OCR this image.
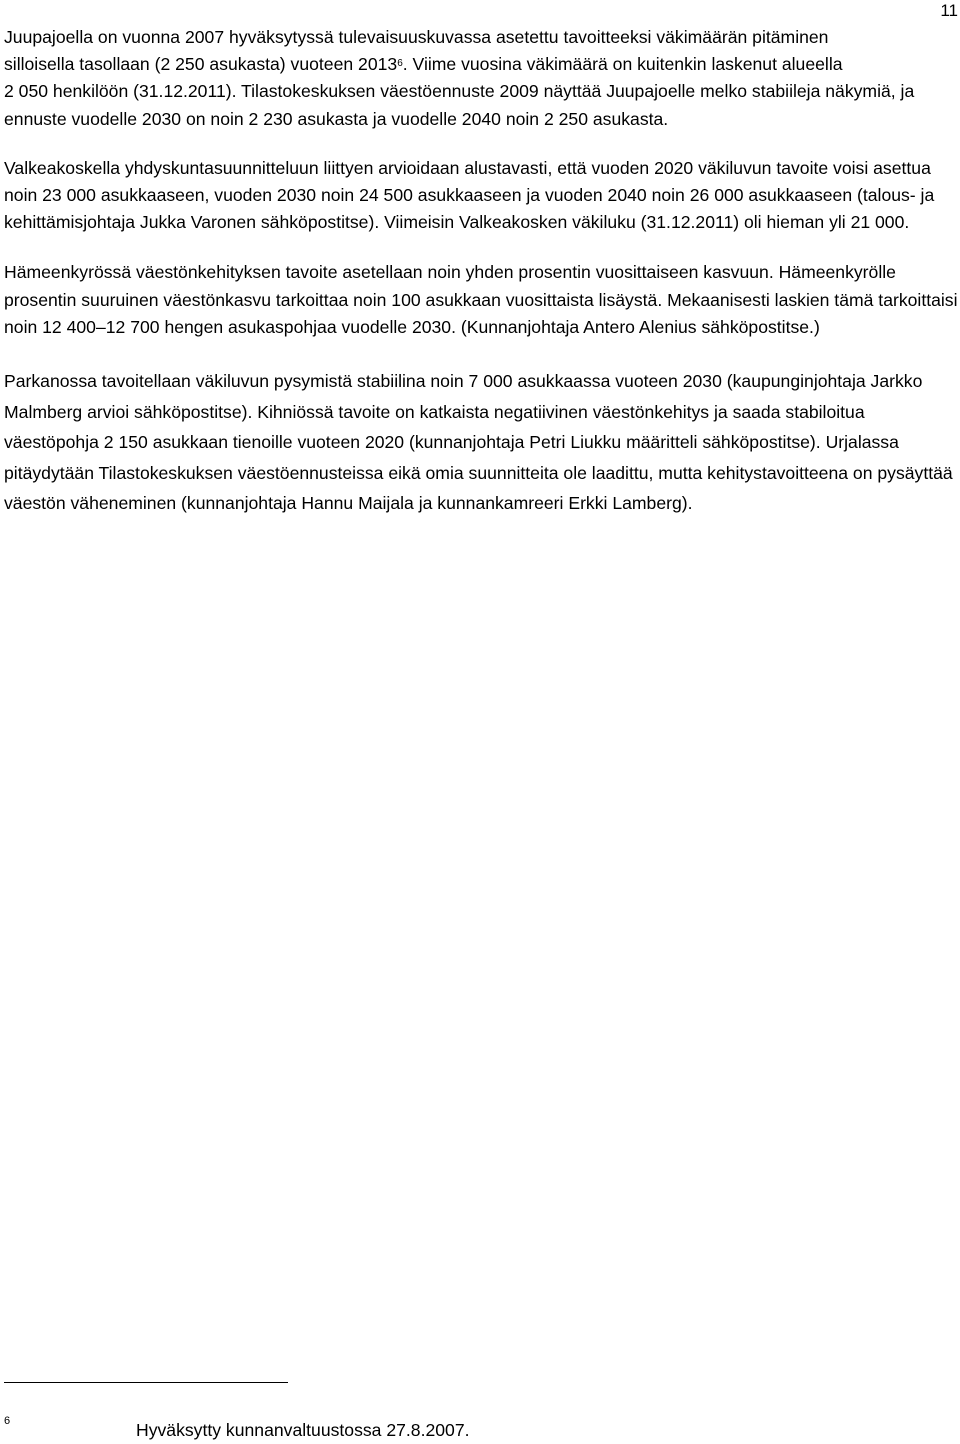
11

Juupajoella on vuonna 2007 hyväksytyssä tulevaisuuskuvassa asetettu tavoitteeksi väkimäärän pitäminen
silloisella tasollaan (2 250 asukasta) vuoteen 2013$^6$. Viime vuosina väkimäärä on kuitenkin laskenut alueella
2 050 henkilöön (31.12.2011). Tilastokeskuksen väestöennuste 2009 näyttää Juupajoelle melko stabiileja näkymiä, ja ennuste vuodelle 2030 on noin 2 230 asukasta ja vuodelle 2040 noin 2 250 asukasta.

Valkeakoskella yhdyskuntasuunnitteluun liittyen arvioidaan alustavasti, että vuoden 2020 väkiluvun tavoite voisi asettua noin 23 000 asukkaaseen, vuoden 2030 noin 24 500 asukkaaseen ja vuoden 2040 noin 26 000 asukkaaseen (talous- ja kehittämisjohtaja Jukka Varonen sähköpostitse). Viimeisin Valkeakosken väkiluku (31.12.2011) oli hieman yli 21 000.

Hämeenkyrössä väestönkehityksen tavoite asetellaan noin yhden prosentin vuosittaiseen kasvuun. Hämeenkyrölle prosentin suuruinen väestönkasvu tarkoittaa noin 100 asukkaan vuosittaista lisäystä. Mekaanisesti laskien tämä tarkoittaisi noin 12 400–12 700 hengen asukaspohjaa vuodelle 2030. (Kunnanjohtaja Antero Alenius sähköpostitse.)

Parkanossa tavoitellaan väkiluvun pysymistä stabiilina noin 7 000 asukkaassa vuoteen 2030 (kaupunginjohtaja Jarkko Malmberg arvioi sähköpostitse). Kihniössä tavoite on katkaista negatiivinen väestönkehitys ja saada stabiloitua väestöpohja 2 150 asukkaan tienoille vuoteen 2020 (kunnanjohtaja Petri Liukku määritteli sähköpostitse). Urjalassa pitäydytään Tilastokeskuksen väestöennusteissa eikä omia suunnitteita ole laadittu, mutta kehitystavoitteena on pysäyttää väestön väheneminen (kunnanjohtaja Hannu Maijala ja kunnankamreeri Erkki Lamberg).

6	Hyväksytty kunnanvaltuustossa 27.8.2007.
